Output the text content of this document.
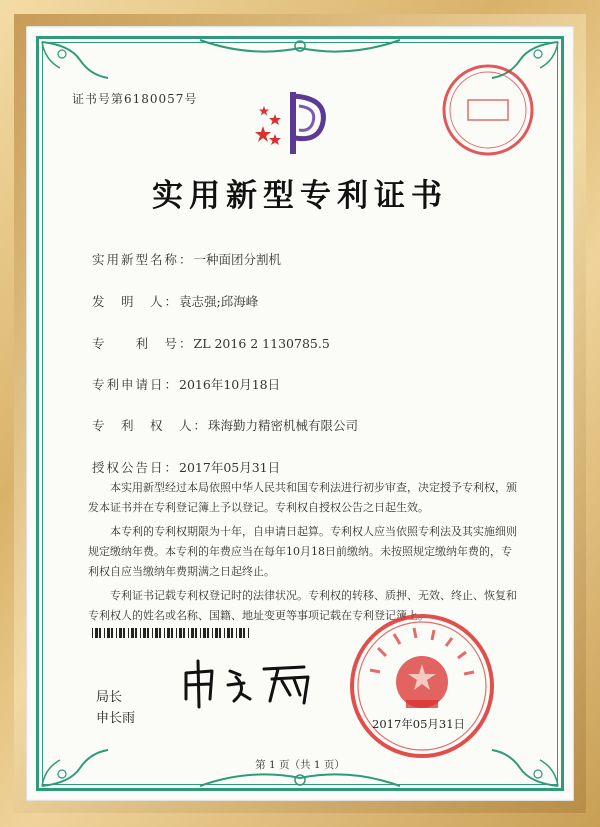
证书号第6180057号
实用新型专利证书
实用新型名称：一种面团分割机
发　明　人：袁志强;邱海峰
专　　利　号：ZL 2016 2 1130785.5
专利申请日：2016年10月18日
专　利　权　人：珠海勤力精密机械有限公司
授权公告日：2017年05月31日

本实用新型经过本局依照中华人民共和国专利法进行初步审查，决定授予专利权，颁发本证书并在专利登记簿上予以登记。专利权自授权公告之日起生效。

本专利的专利权期限为十年，自申请日起算。专利权人应当依照专利法及其实施细则规定缴纳年费。本专利的年费应当在每年10月18日前缴纳。未按照规定缴纳年费的，专利权自应当缴纳年费期满之日起终止。

专利证书记载专利权登记时的法律状况。专利权的转移、质押、无效、终止、恢复和专利权人的姓名或名称、国籍、地址变更等事项记载在专利登记簿上。

局长
申长雨	2017年05月31日
第 1 页（共 1 页）
